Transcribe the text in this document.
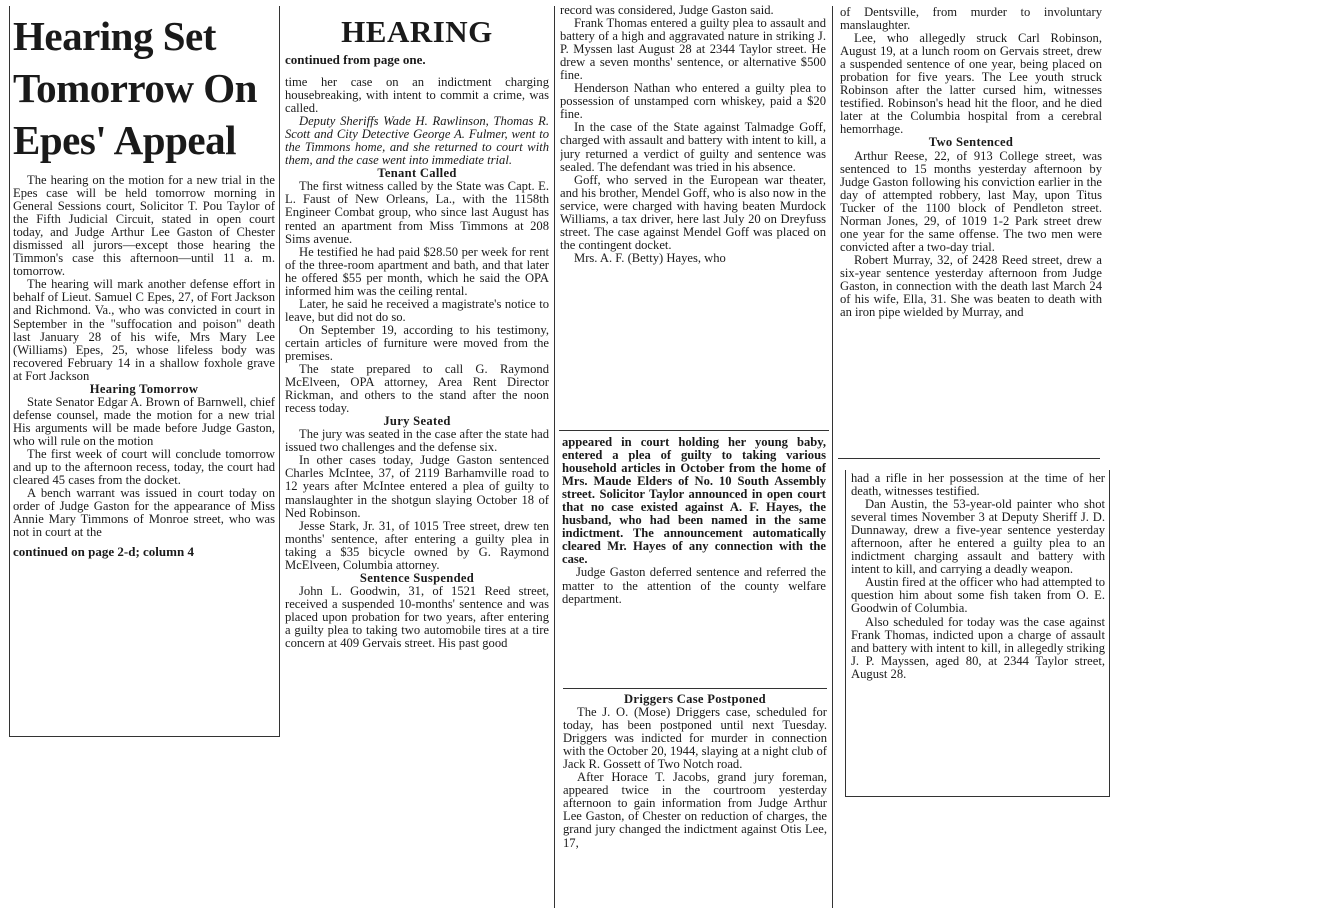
Hearing Set
Tomorrow On
Epes' Appeal

The hearing on the motion for a new trial in the Epes case will be held tomorrow morning in General Sessions court, Solicitor T. Pou Taylor of the Fifth Judicial Circuit, stated in open court today, and Judge Arthur Lee Gaston of Chester dismissed all jurors—except those hearing the Timmon's case this afternoon—until 11 a. m. tomorrow.

The hearing will mark another defense effort in behalf of Lieut. Samuel C Epes, 27, of Fort Jackson and Richmond. Va., who was convicted in court in September in the "suffocation and poison" death last January 28 of his wife, Mrs Mary Lee (Williams) Epes, 25, whose lifeless body was recovered February 14 in a shallow foxhole grave at Fort Jackson

Hearing Tomorrow

State Senator Edgar A. Brown of Barnwell, chief defense counsel, made the motion for a new trial His arguments will be made before Judge Gaston, who will rule on the motion

The first week of court will conclude tomorrow and up to the afternoon recess, today, the court had cleared 45 cases from the docket.

A bench warrant was issued in court today on order of Judge Gaston for the appearance of Miss Annie Mary Timmons of Monroe street, who was not in court at the

continued on page 2-d; column 4
HEARING
continued from page one.

time her case on an indictment charging housebreaking, with intent to commit a crime, was called.

Deputy Sheriffs Wade H. Rawlinson, Thomas R. Scott and City Detective George A. Fulmer, went to the Timmons home, and she returned to court with them, and the case went into immediate trial.

Tenant Called

The first witness called by the State was Capt. E. L. Faust of New Orleans, La., with the 1158th Engineer Combat group, who since last August has rented an apartment from Miss Timmons at 208 Sims avenue.

He testified he had paid $28.50 per week for rent of the three-room apartment and bath, and that later he offered $55 per month, which he said the OPA informed him was the ceiling rental.

Later, he said he received a magistrate's notice to leave, but did not do so.

On September 19, according to his testimony, certain articles of furniture were moved from the premises.

The state prepared to call G. Raymond McElveen, OPA attorney, Area Rent Director Rickman, and others to the stand after the noon recess today.

Jury Seated

The jury was seated in the case after the state had issued two challenges and the defense six.

In other cases today, Judge Gaston sentenced Charles McIntee, 37, of 2119 Barhamville road to 12 years after McIntee entered a plea of guilty to manslaughter in the shotgun slaying October 18 of Ned Robinson.

Jesse Stark, Jr. 31, of 1015 Tree street, drew ten months' sentence, after entering a guilty plea in taking a $35 bicycle owned by G. Raymond McElveen, Columbia attorney.

Sentence Suspended

John L. Goodwin, 31, of 1521 Reed street, received a suspended 10-months' sentence and was placed upon probation for two years, after entering a guilty plea to taking two automobile tires at a tire concern at 409 Gervais street. His past good

record was considered, Judge Gaston said.

Frank Thomas entered a guilty plea to assault and battery of a high and aggravated nature in striking J. P. Myssen last August 28 at 2344 Taylor street. He drew a seven months' sentence, or alternative $500 fine.

Henderson Nathan who entered a guilty plea to possession of unstamped corn whiskey, paid a $20 fine.

In the case of the State against Talmadge Goff, charged with assault and battery with intent to kill, a jury returned a verdict of guilty and sentence was sealed. The defendant was tried in his absence.

Goff, who served in the European war theater, and his brother, Mendel Goff, who is also now in the service, were charged with having beaten Murdock Williams, a tax driver, here last July 20 on Dreyfuss street. The case against Mendel Goff was placed on the contingent docket.

Mrs. A. F. (Betty) Hayes, who

appeared in court holding her young baby, entered a plea of guilty to taking various household articles in October from the home of Mrs. Maude Elders of No. 10 South Assembly street. Solicitor Taylor announced in open court that no case existed against A. F. Hayes, the husband, who had been named in the same indictment. The announcement automatically cleared Mr. Hayes of any connection with the case.

Judge Gaston deferred sentence and referred the matter to the attention of the county welfare department.

Driggers Case Postponed

The J. O. (Mose) Driggers case, scheduled for today, has been postponed until next Tuesday. Driggers was indicted for murder in connection with the October 20, 1944, slaying at a night club of Jack R. Gossett of Two Notch road.

After Horace T. Jacobs, grand jury foreman, appeared twice in the courtroom yesterday afternoon to gain information from Judge Arthur Lee Gaston, of Chester on reduction of charges, the grand jury changed the indictment against Otis Lee, 17,

of Dentsville, from murder to involuntary manslaughter.

Lee, who allegedly struck Carl Robinson, August 19, at a lunch room on Gervais street, drew a suspended sentence of one year, being placed on probation for five years. The Lee youth struck Robinson after the latter cursed him, witnesses testified. Robinson's head hit the floor, and he died later at the Columbia hospital from a cerebral hemorrhage.

Two Sentenced

Arthur Reese, 22, of 913 College street, was sentenced to 15 months yesterday afternoon by Judge Gaston following his conviction earlier in the day of attempted robbery, last May, upon Titus Tucker of the 1100 block of Pendleton street. Norman Jones, 29, of 1019 1-2 Park street drew one year for the same offense. The two men were convicted after a two-day trial.

Robert Murray, 32, of 2428 Reed street, drew a six-year sentence yesterday afternoon from Judge Gaston, in connection with the death last March 24 of his wife, Ella, 31. She was beaten to death with an iron pipe wielded by Murray, and

had a rifle in her possession at the time of her death, witnesses testified.

Dan Austin, the 53-year-old painter who shot several times November 3 at Deputy Sheriff J. D. Dunnaway, drew a five-year sentence yesterday afternoon, after he entered a guilty plea to an indictment charging assault and battery with intent to kill, and carrying a deadly weapon.

Austin fired at the officer who had attempted to question him about some fish taken from O. E. Goodwin of Columbia.

Also scheduled for today was the case against Frank Thomas, indicted upon a charge of assault and battery with intent to kill, in allegedly striking J. P. Mayssen, aged 80, at 2344 Taylor street, August 28.
